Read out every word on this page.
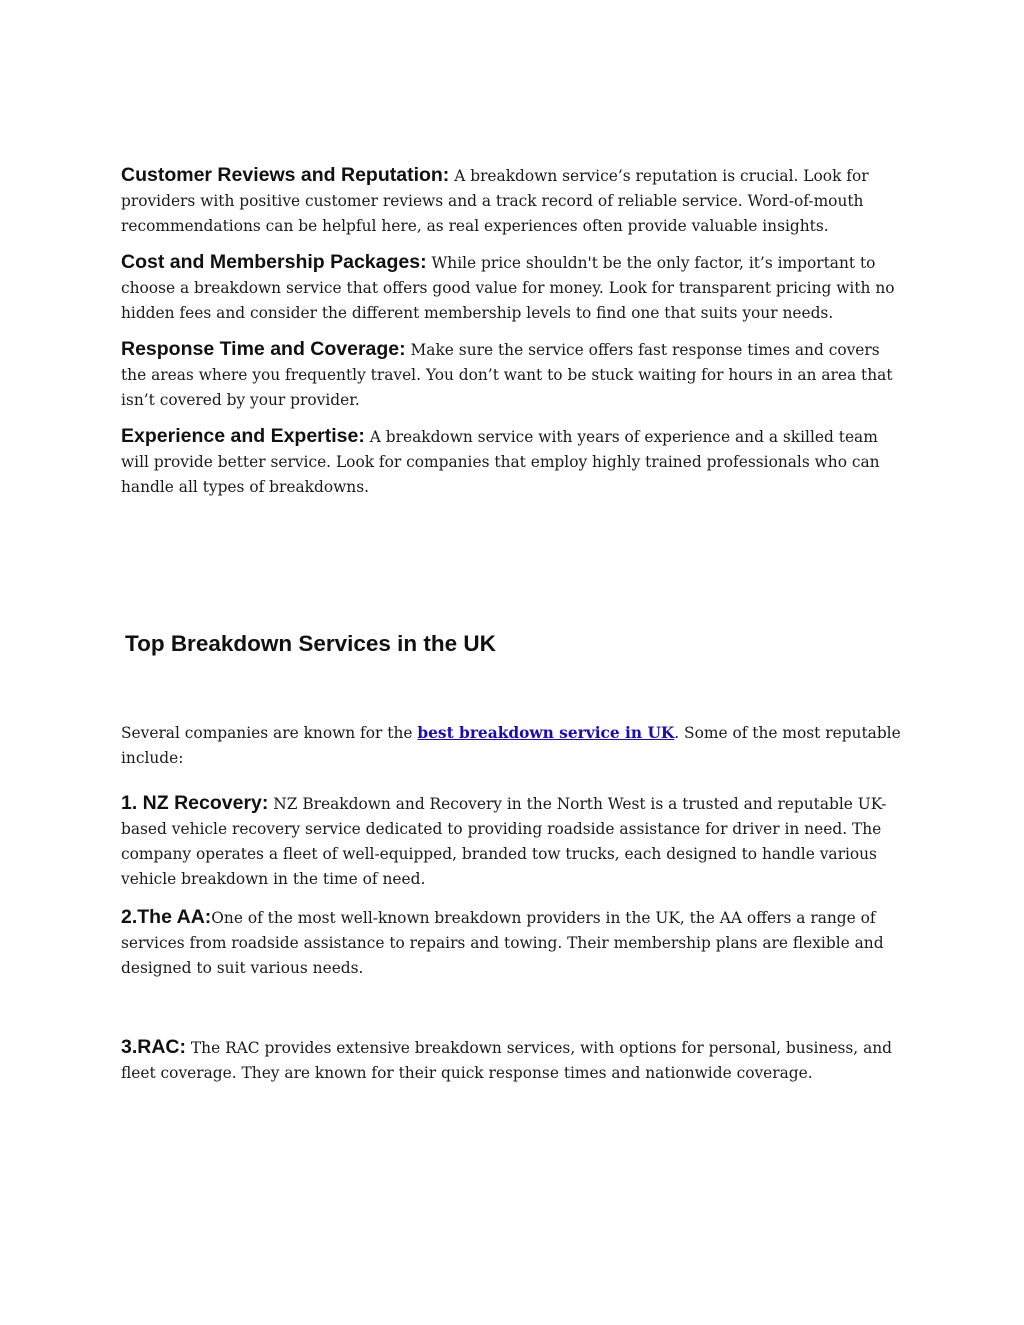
Customer Reviews and Reputation: A breakdown service’s reputation is crucial. Look for providers with positive customer reviews and a track record of reliable service. Word-of-mouth recommendations can be helpful here, as real experiences often provide valuable insights.

Cost and Membership Packages: While price shouldn't be the only factor, it’s important to choose a breakdown service that offers good value for money. Look for transparent pricing with no hidden fees and consider the different membership levels to find one that suits your needs.

Response Time and Coverage: Make sure the service offers fast response times and covers the areas where you frequently travel. You don’t want to be stuck waiting for hours in an area that isn’t covered by your provider.

Experience and Expertise: A breakdown service with years of experience and a skilled team will provide better service. Look for companies that employ highly trained professionals who can handle all types of breakdowns.

Top Breakdown Services in the UK

Several companies are known for the best breakdown service in UK. Some of the most reputable include:

1. NZ Recovery: NZ Breakdown and Recovery in the North West is a trusted and reputable UK-based vehicle recovery service dedicated to providing roadside assistance for driver in need. The company operates a fleet of well-equipped, branded tow trucks, each designed to handle various vehicle breakdown in the time of need.

2.The AA:One of the most well-known breakdown providers in the UK, the AA offers a range of services from roadside assistance to repairs and towing. Their membership plans are flexible and designed to suit various needs.

3.RAC: The RAC provides extensive breakdown services, with options for personal, business, and fleet coverage. They are known for their quick response times and nationwide coverage.
